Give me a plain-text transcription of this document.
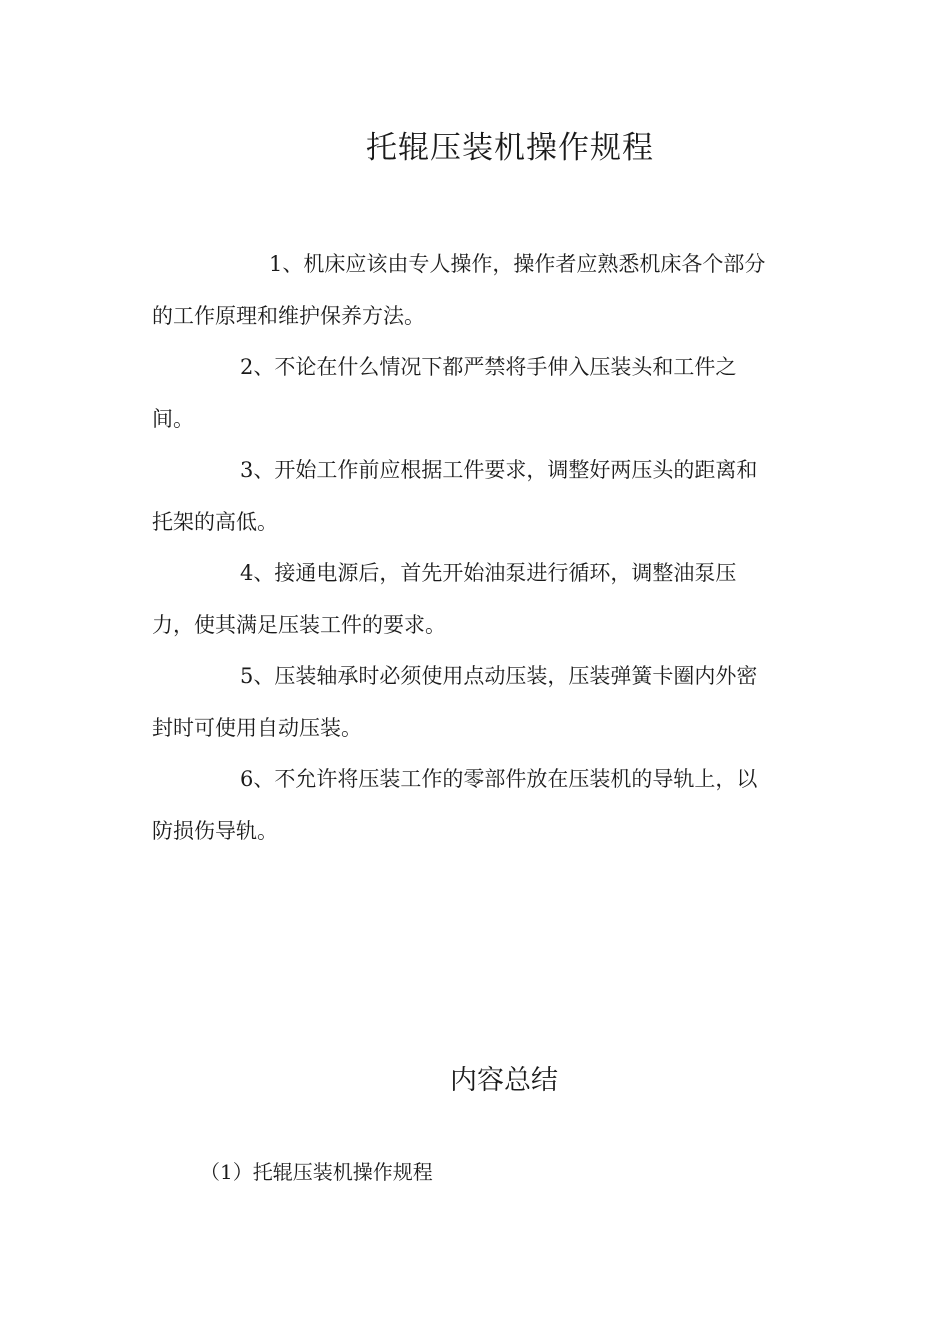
托辊压装机操作规程
1、机床应该由专人操作，操作者应熟悉机床各个部分
的工作原理和维护保养方法。
2、不论在什么情况下都严禁将手伸入压装头和工件之
间。
3、开始工作前应根据工件要求，调整好两压头的距离和
托架的高低。
4、接通电源后，首先开始油泵进行循环，调整油泵压
力，使其满足压装工件的要求。
5、压装轴承时必须使用点动压装，压装弹簧卡圈内外密
封时可使用自动压装。
6、不允许将压装工作的零部件放在压装机的导轨上，以
防损伤导轨。
内容总结

（1）托辊压装机操作规程
